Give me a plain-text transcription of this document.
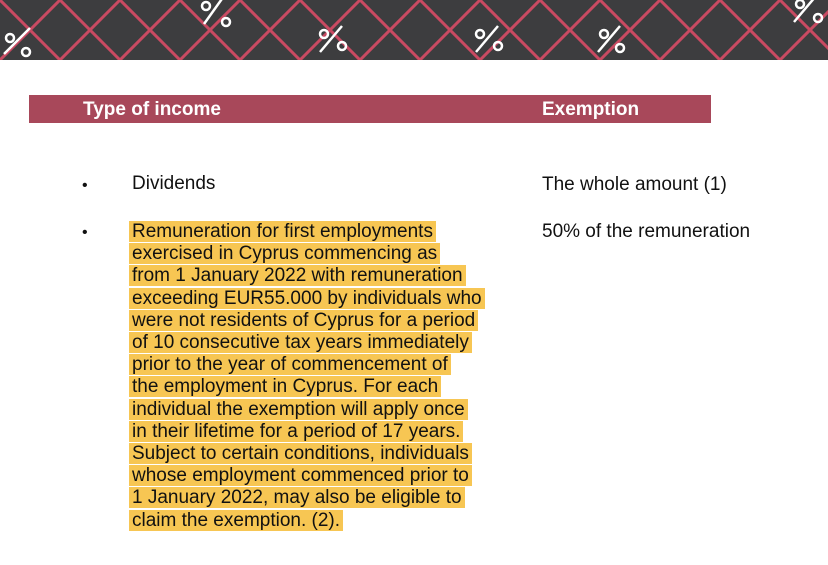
Type of income	Exemption
• Dividends	The whole amount (1)
• Remuneration for first employments
exercised in Cyprus commencing as
from 1 January 2022 with remuneration
exceeding EUR55.000 by individuals who
were not residents of Cyprus for a period
of 10 consecutive tax years immediately
prior to the year of commencement of
the employment in Cyprus. For each
individual the exemption will apply once
in their lifetime for a period of 17 years.
Subject to certain conditions, individuals
whose employment commenced prior to
1 January 2022, may also be eligible to
claim the exemption. (2).
50% of the remuneration
